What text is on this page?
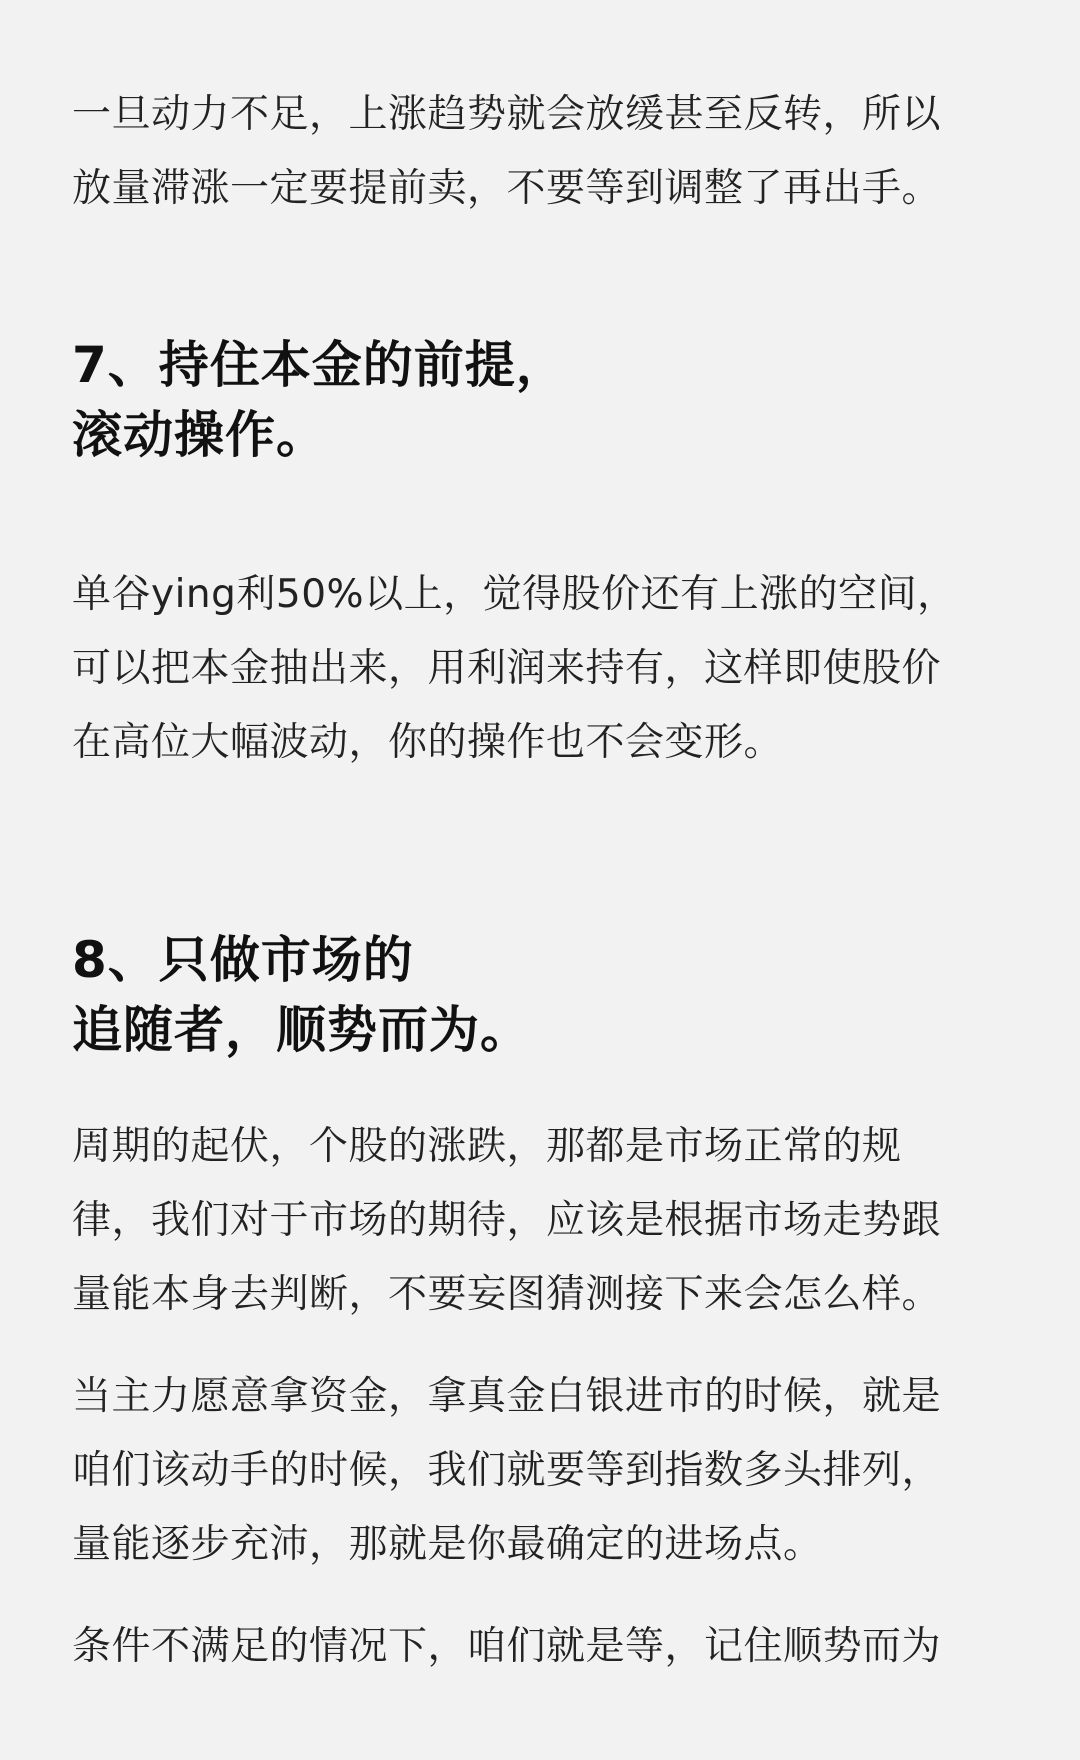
一旦动力不足，上涨趋势就会放缓甚至反转，所以
放量滞涨一定要提前卖，不要等到调整了再出手。

7、持住本金的前提，
滚动操作。

单谷ying利50%以上，觉得股价还有上涨的空间，
可以把本金抽出来，用利润来持有，这样即使股价
在高位大幅波动，你的操作也不会变形。

8、只做市场的
追随者，顺势而为。

周期的起伏，个股的涨跌，那都是市场正常的规
律，我们对于市场的期待，应该是根据市场走势跟
量能本身去判断，不要妄图猜测接下来会怎么样。

当主力愿意拿资金，拿真金白银进市的时候，就是
咱们该动手的时候，我们就要等到指数多头排列，
量能逐步充沛，那就是你最确定的进场点。

条件不满足的情况下，咱们就是等，记住顺势而为
